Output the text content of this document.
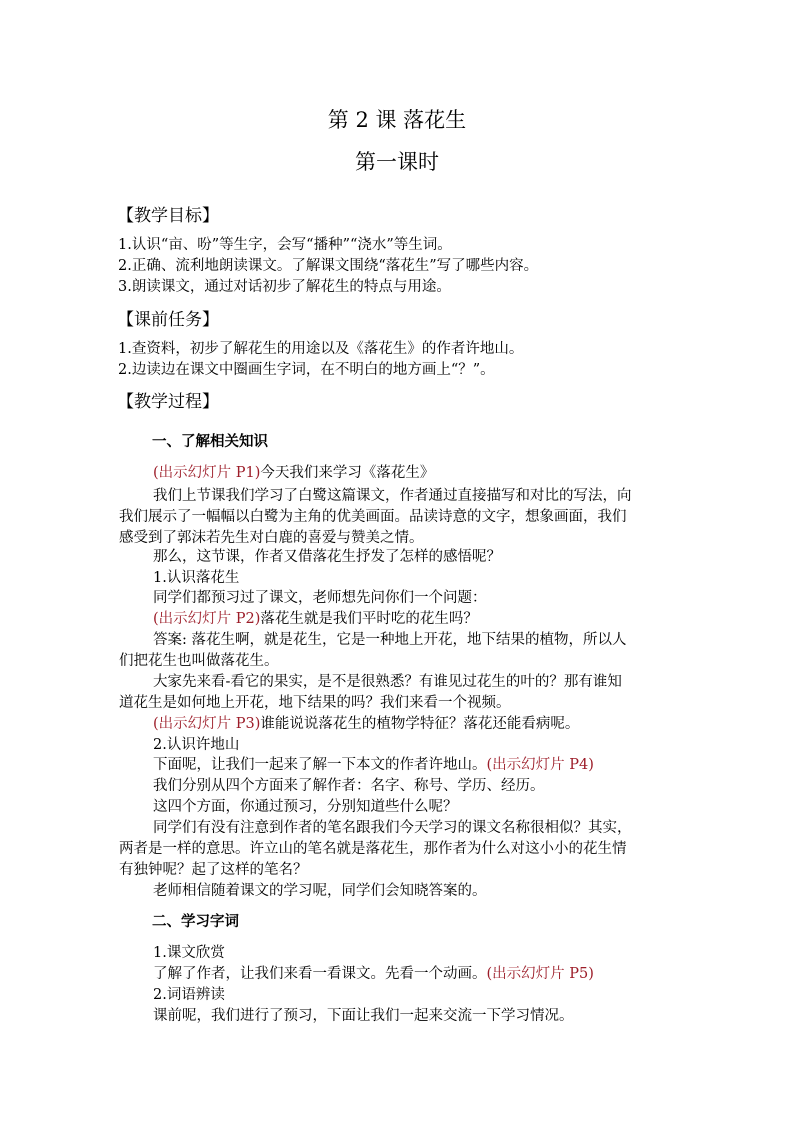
第 2 课 落花生
第一课时
【教学目标】
1.认识“亩、吩”等生字，会写“播种”“浇水”等生词。
2.正确、流利地朗读课文。了解课文围绕“落花生”写了哪些内容。
3.朗读课文，通过对话初步了解花生的特点与用途。
【课前任务】
1.查资料，初步了解花生的用途以及《落花生》的作者许地山。
2.边读边在课文中圈画生字词，在不明白的地方画上“？”。
【教学过程】
一、了解相关知识
(出示幻灯片 P1)今天我们来学习《落花生》
我们上节课我们学习了白鹭这篇课文，作者通过直接描写和对比的写法，向
我们展示了一幅幅以白鹭为主角的优美画面。品读诗意的文字，想象画面，我们
感受到了郭沫若先生对白鹿的喜爱与赞美之情。
那么，这节课，作者又借落花生抒发了怎样的感悟呢？
1.认识落花生
同学们都预习过了课文，老师想先问你们一个问题：
(出示幻灯片 P2)落花生就是我们平时吃的花生吗？
答案: 落花生啊，就是花生，它是一种地上开花，地下结果的植物，所以人
们把花生也叫做落花生。
大家先来看-看它的果实，是不是很熟悉？有谁见过花生的叶的？那有谁知
道花生是如何地上开花，地下结果的吗？我们来看一个视频。
(出示幻灯片 P3)谁能说说落花生的植物学特征？落花还能看病呢。
2.认识许地山
下面呢，让我们一起来了解一下本文的作者许地山。(出示幻灯片 P4)
我们分别从四个方面来了解作者：名字、称号、学历、经历。
这四个方面，你通过预习，分别知道些什么呢？
同学们有没有注意到作者的笔名跟我们今天学习的课文名称很相似？其实，
两者是一样的意思。许立山的笔名就是落花生，那作者为什么对这小小的花生情
有独钟呢？起了这样的笔名？
老师相信随着课文的学习呢，同学们会知晓答案的。
二、学习字词
1.课文欣赏
了解了作者，让我们来看一看课文。先看一个动画。(出示幻灯片 P5)
2.词语辨读
课前呢，我们进行了预习，下面让我们一起来交流一下学习情况。
